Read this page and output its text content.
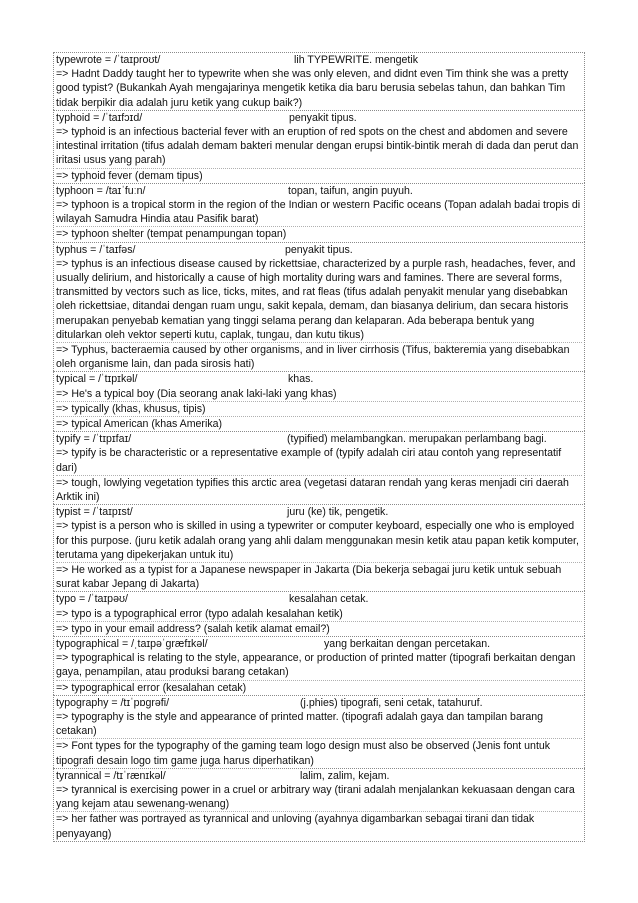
typewrote = /ˈtaɪproʊt/	lih TYPEWRITE. mengetik
=> Hadnt Daddy taught her to typewrite when she was only eleven, and didnt even Tim think she was a pretty good typist? (Bukankah Ayah mengajarinya mengetik ketika dia baru berusia sebelas tahun, dan bahkan Tim tidak berpikir dia adalah juru ketik yang cukup baik?)
typhoid = /ˈtaɪfɔɪd/	penyakit tipus.
=> typhoid is an infectious bacterial fever with an eruption of red spots on the chest and abdomen and severe intestinal irritation (tifus adalah demam bakteri menular dengan erupsi bintik-bintik merah di dada dan perut dan iritasi usus yang parah)
=> typhoid fever (demam tipus)
typhoon = /taɪˈfuːn/	topan, taifun, angin puyuh.
=> typhoon is a tropical storm in the region of the Indian or western Pacific oceans (Topan adalah badai tropis di wilayah Samudra Hindia atau Pasifik barat)
=> typhoon shelter (tempat penampungan topan)
typhus = /ˈtaɪfəs/	penyakit tipus.
=> typhus is an infectious disease caused by rickettsiae, characterized by a purple rash, headaches, fever, and usually delirium, and historically a cause of high mortality during wars and famines. There are several forms, transmitted by vectors such as lice, ticks, mites, and rat fleas (tifus adalah penyakit menular yang disebabkan oleh rickettsiae, ditandai dengan ruam ungu, sakit kepala, demam, dan biasanya delirium, dan secara historis merupakan penyebab kematian yang tinggi selama perang dan kelaparan. Ada beberapa bentuk yang ditularkan oleh vektor seperti kutu, caplak, tungau, dan kutu tikus)
=> Typhus, bacteraemia caused by other organisms, and in liver cirrhosis (Tifus, bakteremia yang disebabkan oleh organisme lain, dan pada sirosis hati)
typical = /ˈtɪpɪkəl/	khas.
=> He's a typical boy (Dia seorang anak laki-laki yang khas)
=> typically (khas, khusus, tipis)
=> typical American (khas Amerika)
typify = /ˈtɪpɪfaɪ/	(typified) melambangkan. merupakan perlambang bagi.
=> typify is be characteristic or a representative example of (typify adalah ciri atau contoh yang representatif dari)
=> tough, lowlying vegetation typifies this arctic area (vegetasi dataran rendah yang keras menjadi ciri daerah Arktik ini)
typist = /ˈtaɪpɪst/	juru (ke) tik, pengetik.
=> typist is a person who is skilled in using a typewriter or computer keyboard, especially one who is employed for this purpose. (juru ketik adalah orang yang ahli dalam menggunakan mesin ketik atau papan ketik komputer, terutama yang dipekerjakan untuk itu)
=> He worked as a typist for a Japanese newspaper in Jakarta (Dia bekerja sebagai juru ketik untuk sebuah surat kabar Jepang di Jakarta)
typo = /ˈtaɪpəʊ/	kesalahan cetak.
=> typo is a typographical error (typo adalah kesalahan ketik)
=> typo in your email address? (salah ketik alamat email?)
typographical = /ˌtaɪpəˈɡræfɪkəl/	yang berkaitan dengan percetakan.
=> typographical is relating to the style, appearance, or production of printed matter (tipografi berkaitan dengan gaya, penampilan, atau produksi barang cetakan)
=> typographical error (kesalahan cetak)
typography = /tɪˈpɒɡrəfi/	(j.phies) tipografi, seni cetak, tatahuruf.
=> typography is the style and appearance of printed matter. (tipografi adalah gaya dan tampilan barang cetakan)
=> Font types for the typography of the gaming team logo design must also be observed (Jenis font untuk tipografi desain logo tim game juga harus diperhatikan)
tyrannical = /tɪˈrænɪkəl/	lalim, zalim, kejam.
=> tyrannical is exercising power in a cruel or arbitrary way (tirani adalah menjalankan kekuasaan dengan cara yang kejam atau sewenang-wenang)
=> her father was portrayed as tyrannical and unloving (ayahnya digambarkan sebagai tirani dan tidak penyayang)
